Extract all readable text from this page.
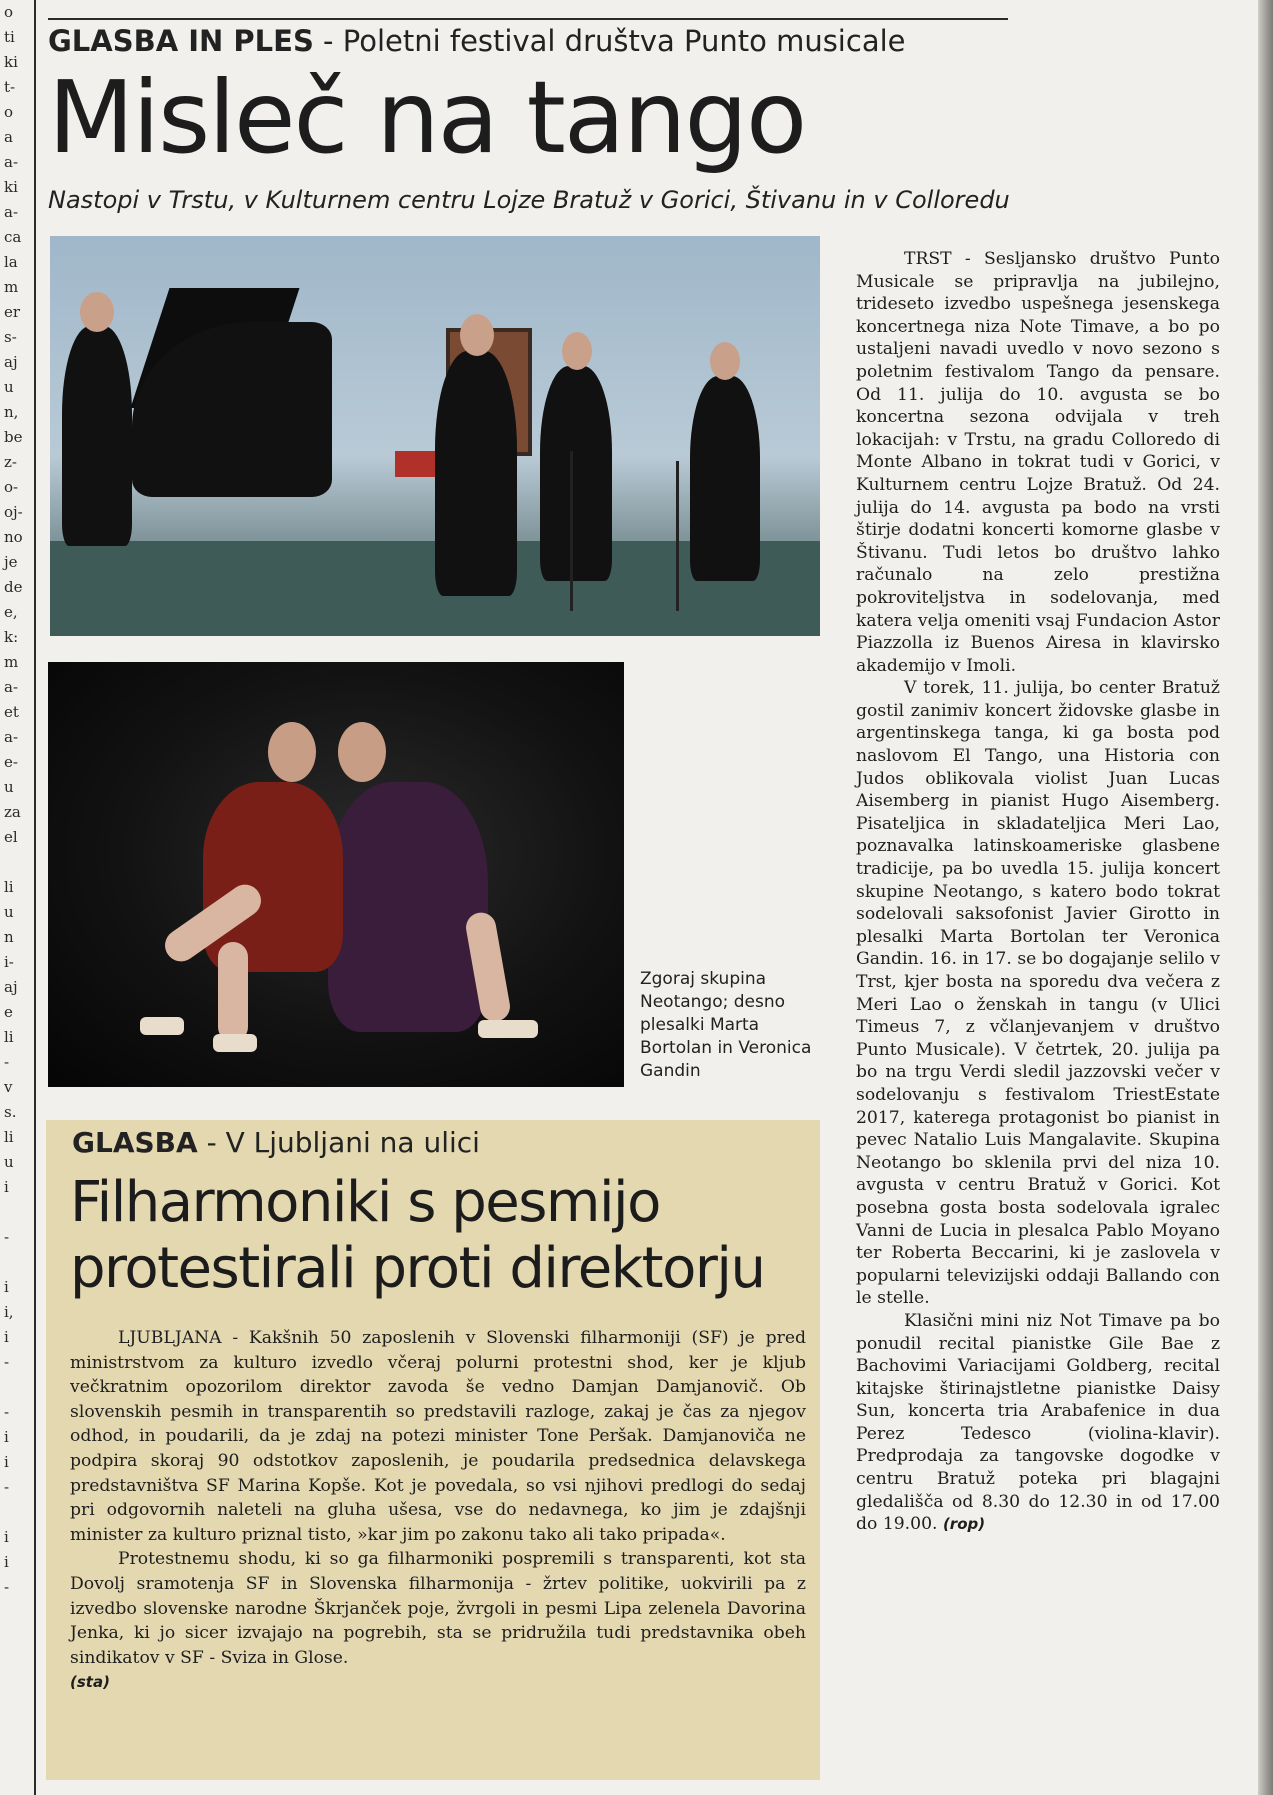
o
ti
ki
t-
o
a
a-
ki
a-
ca
la
m
er
s-
aj
u
n,
be
z-
o-
oj-
no
je
de
e,
k:
m
a-
et
a-
e-
u
za
el

li
u
n
i-
aj
e
li
-
v
s.
li
u
i

-

i
i,
i
-

-
i
i
-

i
i
-
GLASBA IN PLES - Poletni festival društva Punto musicale
Misleč na tango
Nastopi v Trstu, v Kulturnem centru Lojze Bratuž v Gorici, Štivanu in v Colloredu
Zgoraj skupina Neotango; desno plesalki Marta Bortolan in Veronica Gandin

TRST - Sesljansko društvo Punto Musicale se pripravlja na jubilejno, trideseto izvedbo uspešnega jesenskega koncertnega niza Note Timave, a bo po ustaljeni navadi uvedlo v novo sezono s poletnim festivalom Tango da pensare. Od 11. julija do 10. avgusta se bo koncertna sezona odvijala v treh lokacijah: v Trstu, na gradu Colloredo di Monte Albano in tokrat tudi v Gorici, v Kulturnem centru Lojze Bratuž. Od 24. julija do 14. avgusta pa bodo na vrsti štirje dodatni koncerti komorne glasbe v Štivanu. Tudi letos bo društvo lahko računalo na zelo prestižna pokroviteljstva in sodelovanja, med katera velja omeniti vsaj Fundacion Astor Piazzolla iz Buenos Airesa in klavirsko akademijo v Imoli.

V torek, 11. julija, bo center Bratuž gostil zanimiv koncert židovske glasbe in argentinskega tanga, ki ga bosta pod naslovom El Tango, una Historia con Judos oblikovala violist Juan Lucas Aisemberg in pianist Hugo Aisemberg. Pisateljica in skladateljica Meri Lao, poznavalka latinskoameriske glasbene tradicije, pa bo uvedla 15. julija koncert skupine Neotango, s katero bodo tokrat sodelovali saksofonist Javier Girotto in plesalki Marta Bortolan ter Veronica Gandin. 16. in 17. se bo dogajanje selilo v Trst, kjer bosta na sporedu dva večera z Meri Lao o ženskah in tangu (v Ulici Timeus 7, z včlanjevanjem v društvo Punto Musicale). V četrtek, 20. julija pa bo na trgu Verdi sledil jazzovski večer v sodelovanju s festivalom TriestEstate 2017, katerega protagonist bo pianist in pevec Natalio Luis Mangalavite. Skupina Neotango bo sklenila prvi del niza 10. avgusta v centru Bratuž v Gorici. Kot posebna gosta bosta sodelovala igralec Vanni de Lucia in plesalca Pablo Moyano ter Roberta Beccarini, ki je zaslovela v popularni televizijski oddaji Ballando con le stelle.

Klasični mini niz Not Timave pa bo ponudil recital pianistke Gile Bae z Bachovimi Variacijami Goldberg, recital kitajske štirinajstletne pianistke Daisy Sun, koncerta tria Arabafenice in dua Perez Tedesco (violina-klavir). Predprodaja za tangovske dogodke v centru Bratuž poteka pri blagajni gledališča od 8.30 do 12.30 in od 17.00 do 19.00. (rop)

GLASBA - V Ljubljani na ulici
Filharmoniki s pesmijo protestirali proti direktorju

LJUBLJANA - Kakšnih 50 zaposlenih v Slovenski filharmoniji (SF) je pred ministrstvom za kulturo izvedlo včeraj polurni protestni shod, ker je kljub večkratnim opozorilom direktor zavoda še vedno Damjan Damjanovič. Ob slovenskih pesmih in transparentih so predstavili razloge, zakaj je čas za njegov odhod, in poudarili, da je zdaj na potezi minister Tone Peršak. Damjanoviča ne podpira skoraj 90 odstotkov zaposlenih, je poudarila predsednica delavskega predstavništva SF Marina Kopše. Kot je povedala, so vsi njihovi predlogi do sedaj pri odgovornih naleteli na gluha ušesa, vse do nedavnega, ko jim je zdajšnji minister za kulturo priznal tisto, »kar jim po zakonu tako ali tako pripada«.

Protestnemu shodu, ki so ga filharmoniki pospremili s transparenti, kot sta Dovolj sramotenja SF in Slovenska filharmonija - žrtev politike, uokvirili pa z izvedbo slovenske narodne Škrjanček poje, žvrgoli in pesmi Lipa zelenela Davorina Jenka, ki jo sicer izvajajo na pogrebih, sta se pridružila tudi predstavnika obeh sindikatov v SF - Sviza in Glose.

(sta)
